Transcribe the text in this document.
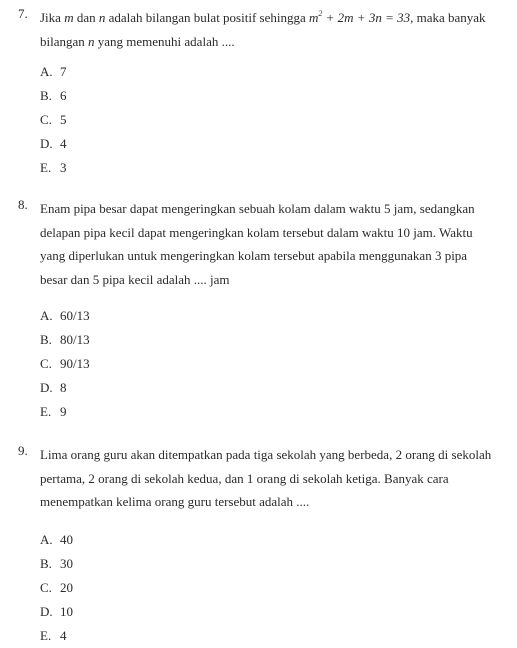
7. Jika m dan n adalah bilangan bulat positif sehingga $m^2 + 2m + 3n = 33$, maka banyak
bilangan n yang memenuhi adalah ....
A. 7
B. 6
C. 5
D. 4
E. 3
8. Enam pipa besar dapat mengeringkan sebuah kolam dalam waktu 5 jam, sedangkan
delapan pipa kecil dapat mengeringkan kolam tersebut dalam waktu 10 jam. Waktu
yang diperlukan untuk mengeringkan kolam tersebut apabila menggunakan 3 pipa
besar dan 5 pipa kecil adalah .... jam
A. 60/13
B. 80/13
C. 90/13
D. 8
E. 9
9. Lima orang guru akan ditempatkan pada tiga sekolah yang berbeda, 2 orang di sekolah
pertama, 2 orang di sekolah kedua, dan 1 orang di sekolah ketiga. Banyak cara
menempatkan kelima orang guru tersebut adalah ....
A. 40
B. 30
C. 20
D. 10
E. 4
